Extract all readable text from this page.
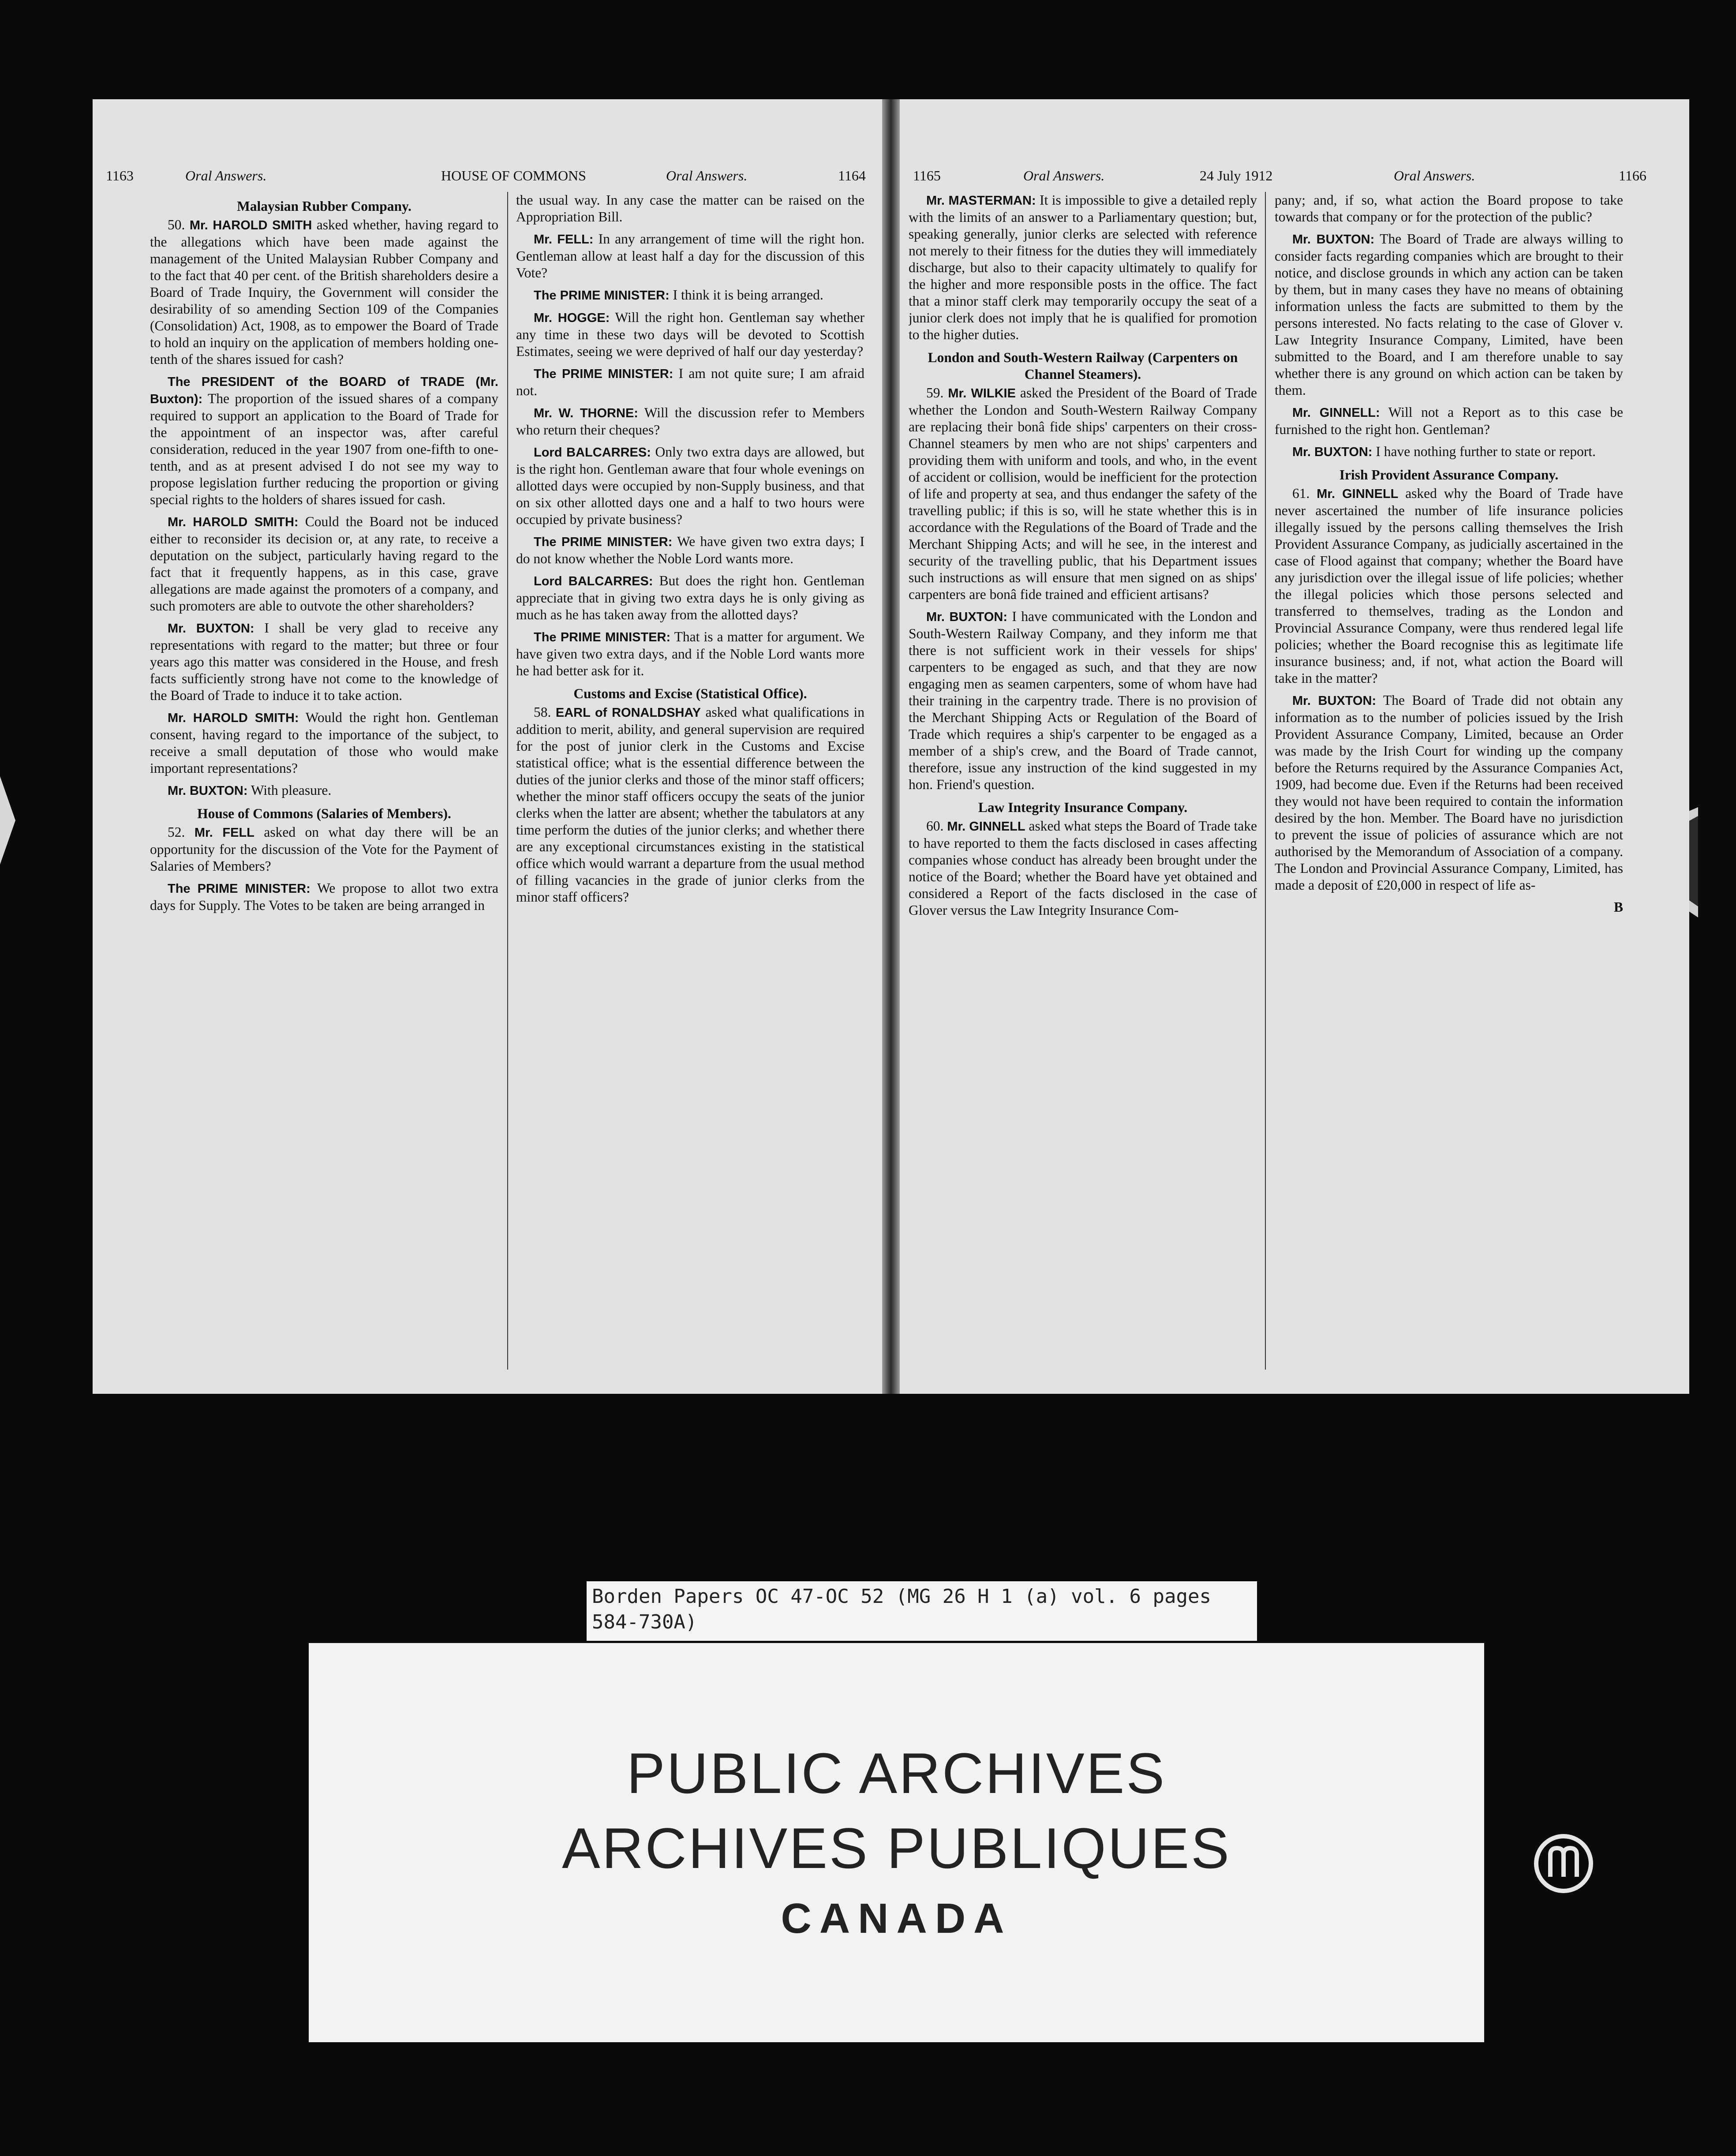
1163	Oral Answers.	HOUSE OF COMMONS	Oral Answers.	1164
Malaysian Rubber Company.

50. Mr. HAROLD SMITH asked whether, having regard to the allegations which have been made against the management of the United Malaysian Rubber Company and to the fact that 40 per cent. of the British shareholders desire a Board of Trade Inquiry, the Government will consider the desirability of so amending Section 109 of the Companies (Consolidation) Act, 1908, as to empower the Board of Trade to hold an inquiry on the application of members holding one-tenth of the shares issued for cash?

The PRESIDENT of the BOARD of TRADE (Mr. Buxton): The proportion of the issued shares of a company required to support an application to the Board of Trade for the appointment of an inspector was, after careful consideration, reduced in the year 1907 from one-fifth to one-tenth, and as at present advised I do not see my way to propose legislation further reducing the proportion or giving special rights to the holders of shares issued for cash.

Mr. HAROLD SMITH: Could the Board not be induced either to reconsider its decision or, at any rate, to receive a deputation on the subject, particularly having regard to the fact that it frequently happens, as in this case, grave allegations are made against the promoters of a company, and such promoters are able to outvote the other shareholders?

Mr. BUXTON: I shall be very glad to receive any representations with regard to the matter; but three or four years ago this matter was considered in the House, and fresh facts sufficiently strong have not come to the knowledge of the Board of Trade to induce it to take action.

Mr. HAROLD SMITH: Would the right hon. Gentleman consent, having regard to the importance of the subject, to receive a small deputation of those who would make important representations?

Mr. BUXTON: With pleasure.

House of Commons (Salaries of Members).

52. Mr. FELL asked on what day there will be an opportunity for the discussion of the Vote for the Payment of Salaries of Members?

The PRIME MINISTER: We propose to allot two extra days for Supply. The Votes to be taken are being arranged in

the usual way. In any case the matter can be raised on the Appropriation Bill.

Mr. FELL: In any arrangement of time will the right hon. Gentleman allow at least half a day for the discussion of this Vote?

The PRIME MINISTER: I think it is being arranged.

Mr. HOGGE: Will the right hon. Gentleman say whether any time in these two days will be devoted to Scottish Estimates, seeing we were deprived of half our day yesterday?

The PRIME MINISTER: I am not quite sure; I am afraid not.

Mr. W. THORNE: Will the discussion refer to Members who return their cheques?

Lord BALCARRES: Only two extra days are allowed, but is the right hon. Gentleman aware that four whole evenings on allotted days were occupied by non-Supply business, and that on six other allotted days one and a half to two hours were occupied by private business?

The PRIME MINISTER: We have given two extra days; I do not know whether the Noble Lord wants more.

Lord BALCARRES: But does the right hon. Gentleman appreciate that in giving two extra days he is only giving as much as he has taken away from the allotted days?

The PRIME MINISTER: That is a matter for argument. We have given two extra days, and if the Noble Lord wants more he had better ask for it.

Customs and Excise (Statistical Office).

58. EARL of RONALDSHAY asked what qualifications in addition to merit, ability, and general supervision are required for the post of junior clerk in the Customs and Excise statistical office; what is the essential difference between the duties of the junior clerks and those of the minor staff officers; whether the minor staff officers occupy the seats of the junior clerks when the latter are absent; whether the tabulators at any time perform the duties of the junior clerks; and whether there are any exceptional circumstances existing in the statistical office which would warrant a departure from the usual method of filling vacancies in the grade of junior clerks from the minor staff officers?

1165	Oral Answers.	24 July 1912	Oral Answers.	1166

Mr. MASTERMAN: It is impossible to give a detailed reply with the limits of an answer to a Parliamentary question; but, speaking generally, junior clerks are selected with reference not merely to their fitness for the duties they will immediately discharge, but also to their capacity ultimately to qualify for the higher and more responsible posts in the office. The fact that a minor staff clerk may temporarily occupy the seat of a junior clerk does not imply that he is qualified for promotion to the higher duties.

London and South-Western Railway (Carpenters on Channel Steamers).

59. Mr. WILKIE asked the President of the Board of Trade whether the London and South-Western Railway Company are replacing their bonâ fide ships' carpenters on their cross-Channel steamers by men who are not ships' carpenters and providing them with uniform and tools, and who, in the event of accident or collision, would be inefficient for the protection of life and property at sea, and thus endanger the safety of the travelling public; if this is so, will he state whether this is in accordance with the Regulations of the Board of Trade and the Merchant Shipping Acts; and will he see, in the interest and security of the travelling public, that his Department issues such instructions as will ensure that men signed on as ships' carpenters are bonâ fide trained and efficient artisans?

Mr. BUXTON: I have communicated with the London and South-Western Railway Company, and they inform me that there is not sufficient work in their vessels for ships' carpenters to be engaged as such, and that they are now engaging men as seamen carpenters, some of whom have had their training in the carpentry trade. There is no provision of the Merchant Shipping Acts or Regulation of the Board of Trade which requires a ship's carpenter to be engaged as a member of a ship's crew, and the Board of Trade cannot, therefore, issue any instruction of the kind suggested in my hon. Friend's question.

Law Integrity Insurance Company.

60. Mr. GINNELL asked what steps the Board of Trade take to have reported to them the facts disclosed in cases affecting companies whose conduct has already been brought under the notice of the Board; whether the Board have yet obtained and considered a Report of the facts disclosed in the case of Glover versus the Law Integrity Insurance Com-

pany; and, if so, what action the Board propose to take towards that company or for the protection of the public?

Mr. BUXTON: The Board of Trade are always willing to consider facts regarding companies which are brought to their notice, and disclose grounds in which any action can be taken by them, but in many cases they have no means of obtaining information unless the facts are submitted to them by the persons interested. No facts relating to the case of Glover v. Law Integrity Insurance Company, Limited, have been submitted to the Board, and I am therefore unable to say whether there is any ground on which action can be taken by them.

Mr. GINNELL: Will not a Report as to this case be furnished to the right hon. Gentleman?

Mr. BUXTON: I have nothing further to state or report.

Irish Provident Assurance Company.

61. Mr. GINNELL asked why the Board of Trade have never ascertained the number of life insurance policies illegally issued by the persons calling themselves the Irish Provident Assurance Company, as judicially ascertained in the case of Flood against that company; whether the Board have any jurisdiction over the illegal issue of life policies; whether the illegal policies which those persons selected and transferred to themselves, trading as the London and Provincial Assurance Company, were thus rendered legal life policies; whether the Board recognise this as legitimate life insurance business; and, if not, what action the Board will take in the matter?

Mr. BUXTON: The Board of Trade did not obtain any information as to the number of policies issued by the Irish Provident Assurance Company, Limited, because an Order was made by the Irish Court for winding up the company before the Returns required by the Assurance Companies Act, 1909, had become due. Even if the Returns had been received they would not have been required to contain the information desired by the hon. Member. The Board have no jurisdiction to prevent the issue of policies of assurance which are not authorised by the Memorandum of Association of a company. The London and Provincial Assurance Company, Limited, has made a deposit of £20,000 in respect of life as-

B
Borden Papers OC 47-OC 52 (MG 26 H 1 (a) vol. 6 pages 584-730A)
PUBLIC ARCHIVES
ARCHIVES PUBLIQUES
CANADA
